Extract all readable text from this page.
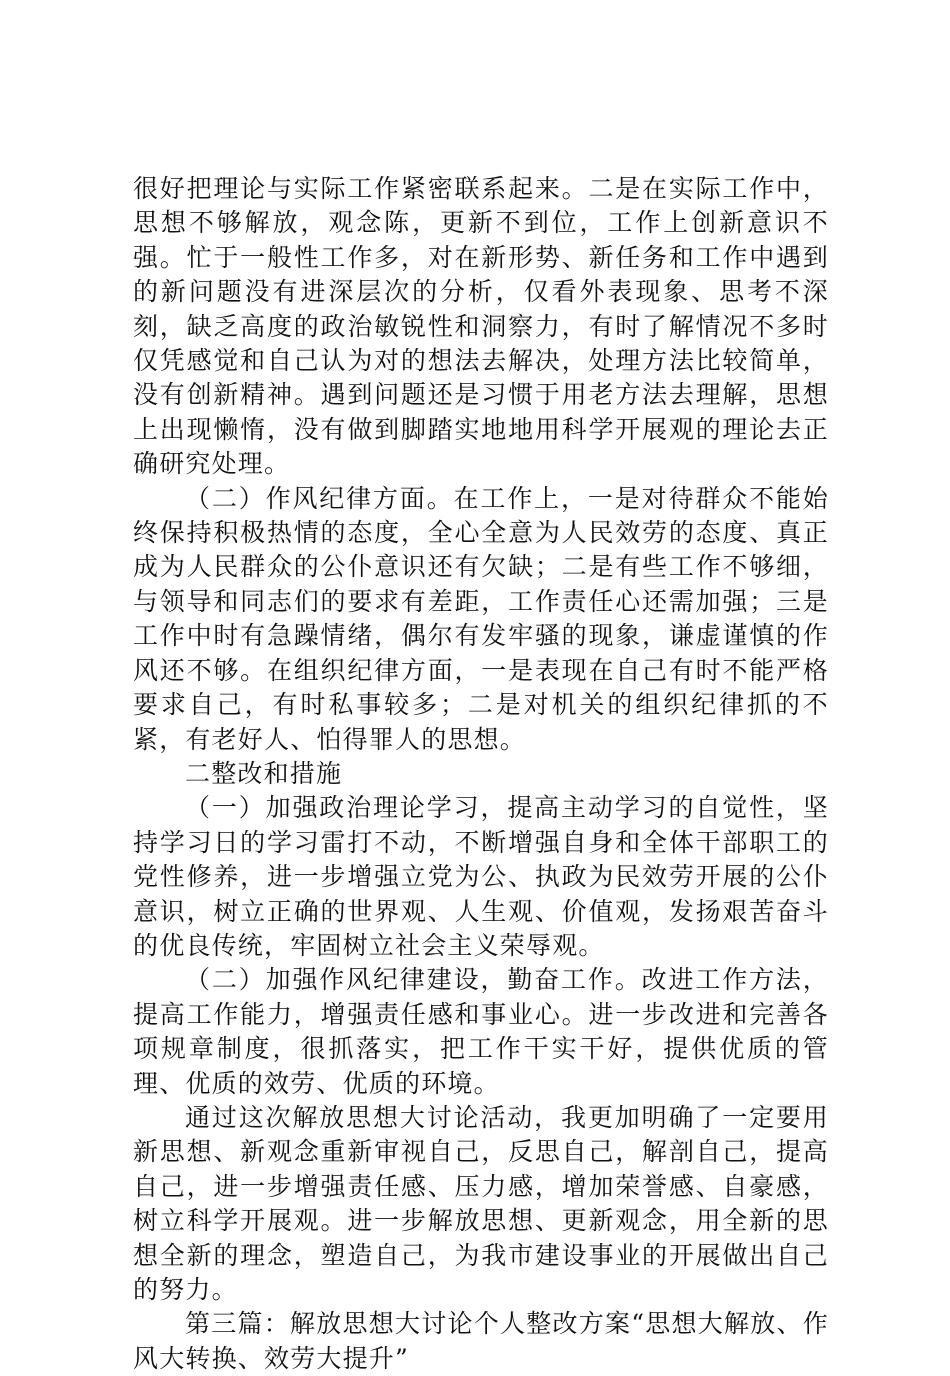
很好把理论与实际工作紧密联系起来。二是在实际工作中，思想不够解放，观念陈，更新不到位，工作上创新意识不强。忙于一般性工作多，对在新形势、新任务和工作中遇到的新问题没有进深层次的分析，仅看外表现象、思考不深刻，缺乏高度的政治敏锐性和洞察力，有时了解情况不多时仅凭感觉和自己认为对的想法去解决，处理方法比较简单，没有创新精神。遇到问题还是习惯于用老方法去理解，思想上出现懒惰，没有做到脚踏实地地用科学开展观的理论去正确研究处理。

（二）作风纪律方面。在工作上，一是对待群众不能始终保持积极热情的态度，全心全意为人民效劳的态度、真正成为人民群众的公仆意识还有欠缺；二是有些工作不够细，与领导和同志们的要求有差距，工作责任心还需加强；三是工作中时有急躁情绪，偶尔有发牢骚的现象，谦虚谨慎的作风还不够。在组织纪律方面，一是表现在自己有时不能严格要求自己，有时私事较多；二是对机关的组织纪律抓的不紧，有老好人、怕得罪人的思想。

二整改和措施

（一）加强政治理论学习，提高主动学习的自觉性，坚持学习日的学习雷打不动，不断增强自身和全体干部职工的党性修养，进一步增强立党为公、执政为民效劳开展的公仆意识，树立正确的世界观、人生观、价值观，发扬艰苦奋斗的优良传统，牢固树立社会主义荣辱观。

（二）加强作风纪律建设，勤奋工作。改进工作方法，提高工作能力，增强责任感和事业心。进一步改进和完善各项规章制度，很抓落实，把工作干实干好，提供优质的管理、优质的效劳、优质的环境。

通过这次解放思想大讨论活动，我更加明确了一定要用新思想、新观念重新审视自己，反思自己，解剖自己，提高自己，进一步增强责任感、压力感，增加荣誉感、自豪感，树立科学开展观。进一步解放思想、更新观念，用全新的思想全新的理念，塑造自己，为我市建设事业的开展做出自己的努力。

第三篇：解放思想大讨论个人整改方案“思想大解放、作风大转换、效劳大提升”
